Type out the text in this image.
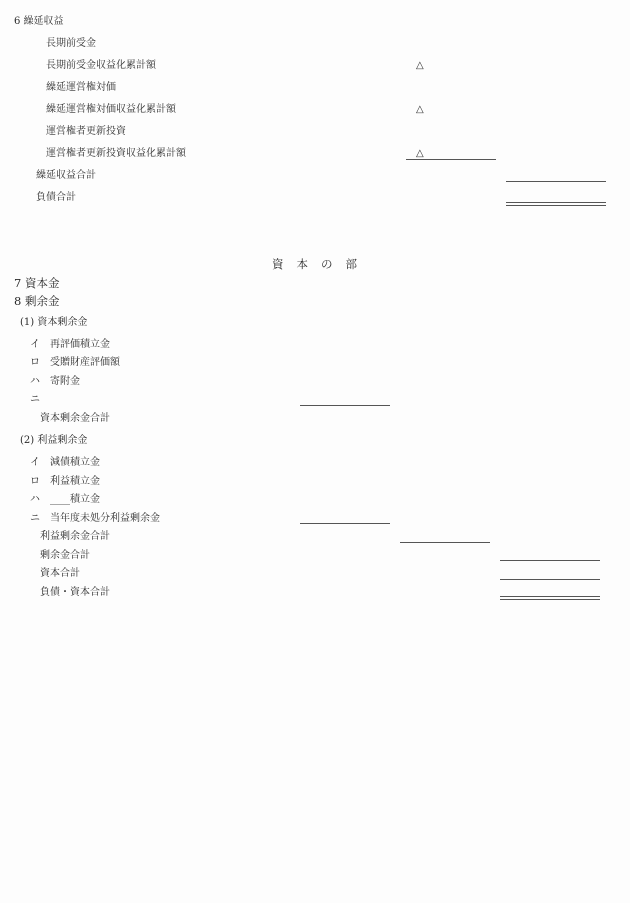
6 繰延収益
長期前受金
長期前受金収益化累計額	△
繰延運営権対価
繰延運営権対価収益化累計額	△
運営権者更新投資
運営権者更新投資収益化累計額	△
繰延収益合計
負債合計
資本の部
7 資本金
8 剰余金
(1) 資本剰余金
イ 再評価積立金
ロ 受贈財産評価額
ハ 寄附金
ニ
資本剰余金合計
(2) 利益剰余金
イ 減債積立金
ロ 利益積立金
ハ ____積立金
ニ 当年度未処分利益剰余金
利益剰余金合計
剰余金合計
資本合計
負債・資本合計
